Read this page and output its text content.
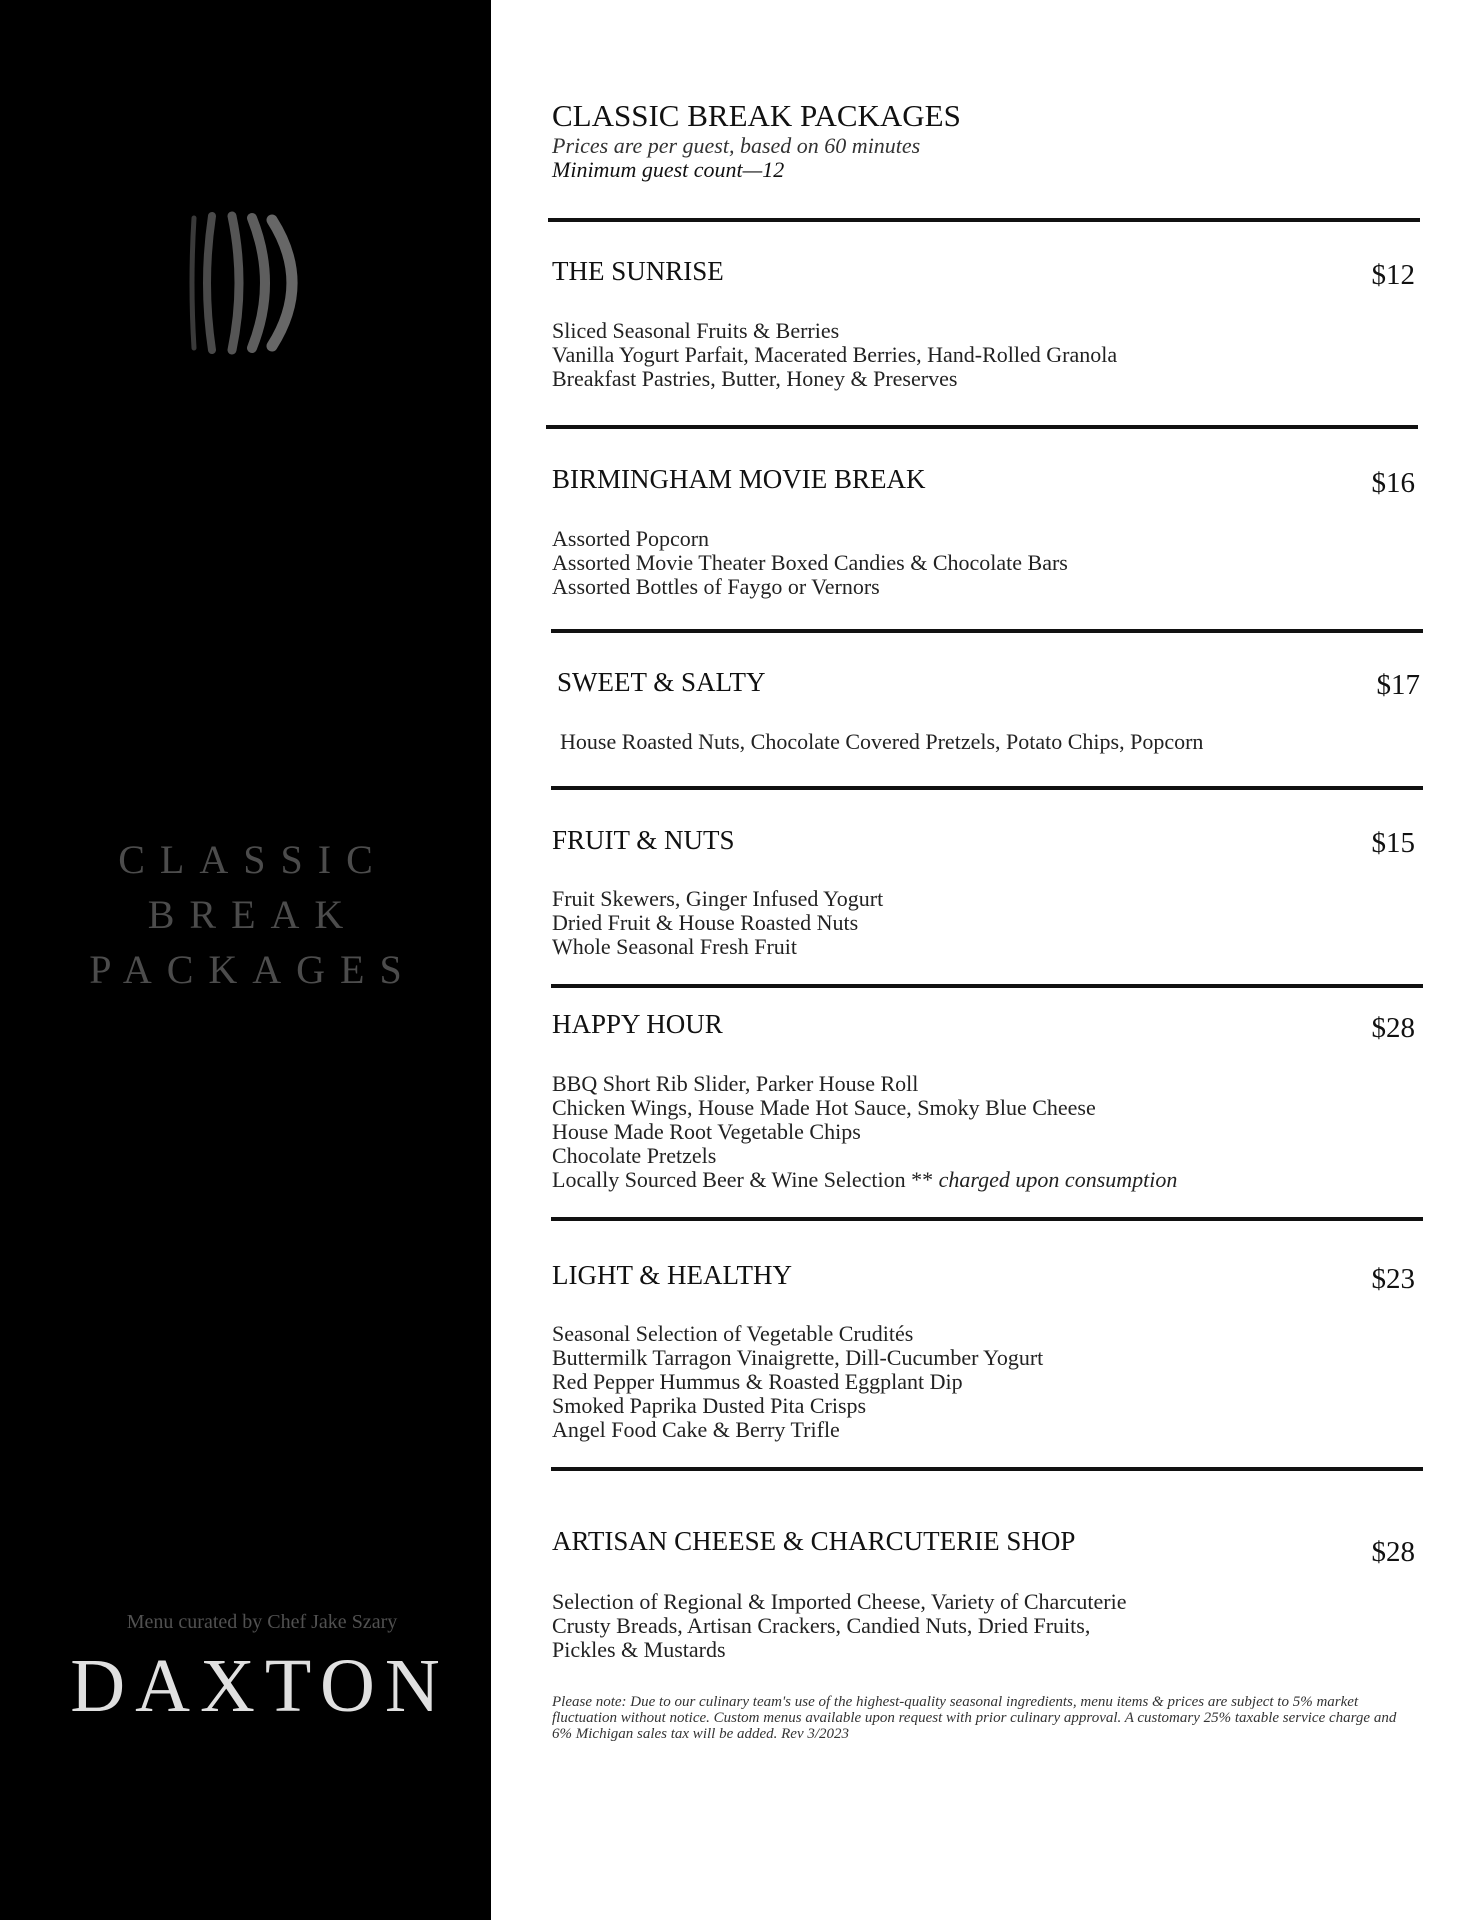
CLASSIC
BREAK
PACKAGES
Menu curated by Chef Jake Szary
DAXTON
CLASSIC BREAK PACKAGES
Prices are per guest, based on 60 minutes
Minimum guest count—12
THE SUNRISE	$12
Sliced Seasonal Fruits & Berries
Vanilla Yogurt Parfait, Macerated Berries, Hand-Rolled Granola
Breakfast Pastries, Butter, Honey & Preserves
BIRMINGHAM MOVIE BREAK	$16
Assorted Popcorn
Assorted Movie Theater Boxed Candies & Chocolate Bars
Assorted Bottles of Faygo or Vernors
SWEET & SALTY	$17
House Roasted Nuts, Chocolate Covered Pretzels, Potato Chips, Popcorn
FRUIT & NUTS	$15
Fruit Skewers, Ginger Infused Yogurt
Dried Fruit & House Roasted Nuts
Whole Seasonal Fresh Fruit
HAPPY HOUR	$28
BBQ Short Rib Slider, Parker House Roll
Chicken Wings, House Made Hot Sauce, Smoky Blue Cheese
House Made Root Vegetable Chips
Chocolate Pretzels
Locally Sourced Beer & Wine Selection ** charged upon consumption
LIGHT & HEALTHY	$23
Seasonal Selection of Vegetable Crudités
Buttermilk Tarragon Vinaigrette, Dill-Cucumber Yogurt
Red Pepper Hummus & Roasted Eggplant Dip
Smoked Paprika Dusted Pita Crisps
Angel Food Cake & Berry Trifle
ARTISAN CHEESE & CHARCUTERIE SHOP	$28
Selection of Regional & Imported Cheese, Variety of Charcuterie
Crusty Breads, Artisan Crackers, Candied Nuts, Dried Fruits,
Pickles & Mustards
Please note: Due to our culinary team's use of the highest-quality seasonal ingredients, menu items & prices are subject to 5% market fluctuation without notice. Custom menus available upon request with prior culinary approval. A customary 25% taxable service charge and 6% Michigan sales tax will be added. Rev 3/2023
